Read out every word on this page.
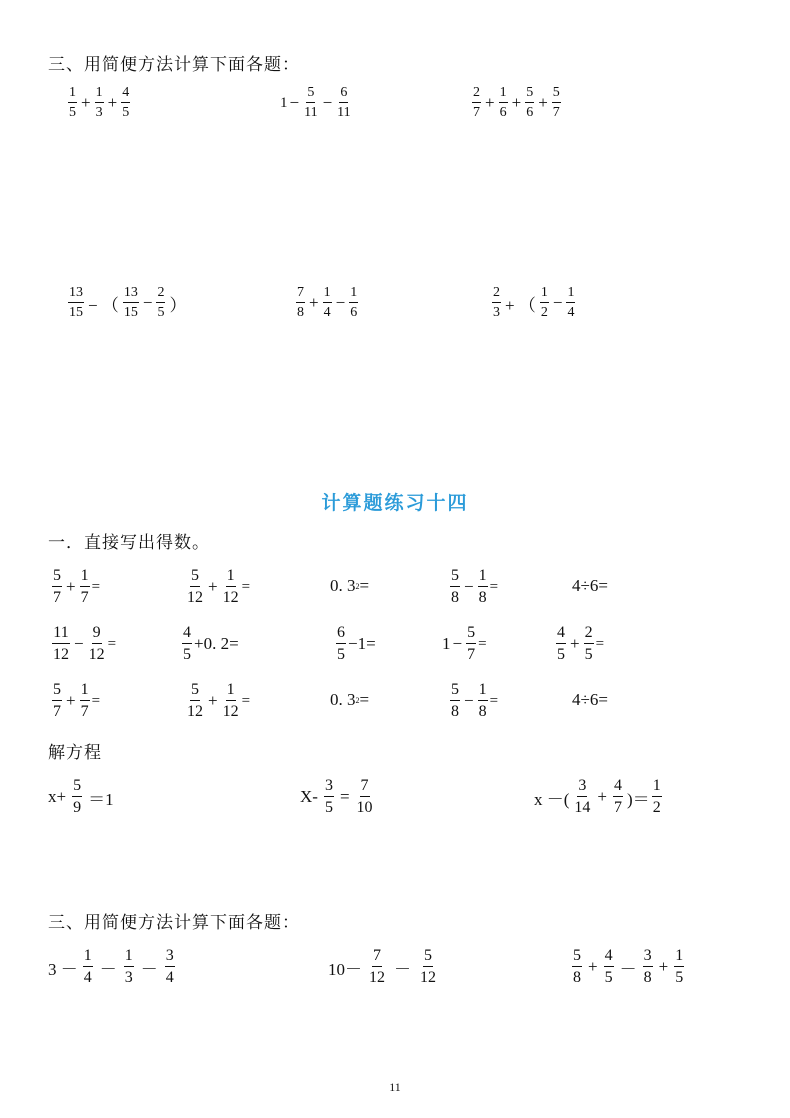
三、用简便方法计算下面各题：
$\frac{1}{5} + \frac{1}{3} + \frac{4}{5}$	$1 - \frac{5}{11} - \frac{6}{11}$	$\frac{2}{7} + \frac{1}{6} + \frac{5}{6} + \frac{5}{7}$
$\frac{13}{15}$ − （ $\frac{13}{15} - \frac{2}{5}$ ）	$\frac{7}{8} + \frac{1}{4} - \frac{1}{6}$	$\frac{2}{3}$ + （ $\frac{1}{2} - \frac{1}{4}$
计算题练习十四
一．直接写出得数。
$\frac{5}{7} + \frac{1}{7}$ =	$\frac{5}{12} + \frac{1}{12}$ =	0. 3 2 =	$\frac{5}{8} - \frac{1}{8}$ =	4÷6=
$\frac{11}{12} - \frac{9}{12}$ =	$\frac{4}{5} +0$. 2=	$\frac{6}{5} -1=$	$1 - \frac{5}{7}$ =	$\frac{4}{5} + \frac{2}{5}$ =
$\frac{5}{7} + \frac{1}{7}$ =	$\frac{5}{12} + \frac{1}{12}$ =	0. 3 2 =	$\frac{5}{8} - \frac{1}{8}$ =	4÷6=
解方程
$x+ \frac{5}{9} =1$	$X- \frac{3}{5} = \frac{7}{10}$	x －( $\frac{3}{14} + \frac{4}{7}$ )＝ $\frac{1}{2}$
三、用简便方法计算下面各题：
$3 - \frac{1}{4} - \frac{1}{3} - \frac{3}{4}$	$10- \frac{7}{12} - \frac{5}{12}$	$\frac{5}{8} + \frac{4}{5} - \frac{3}{8} + \frac{1}{5}$
11
